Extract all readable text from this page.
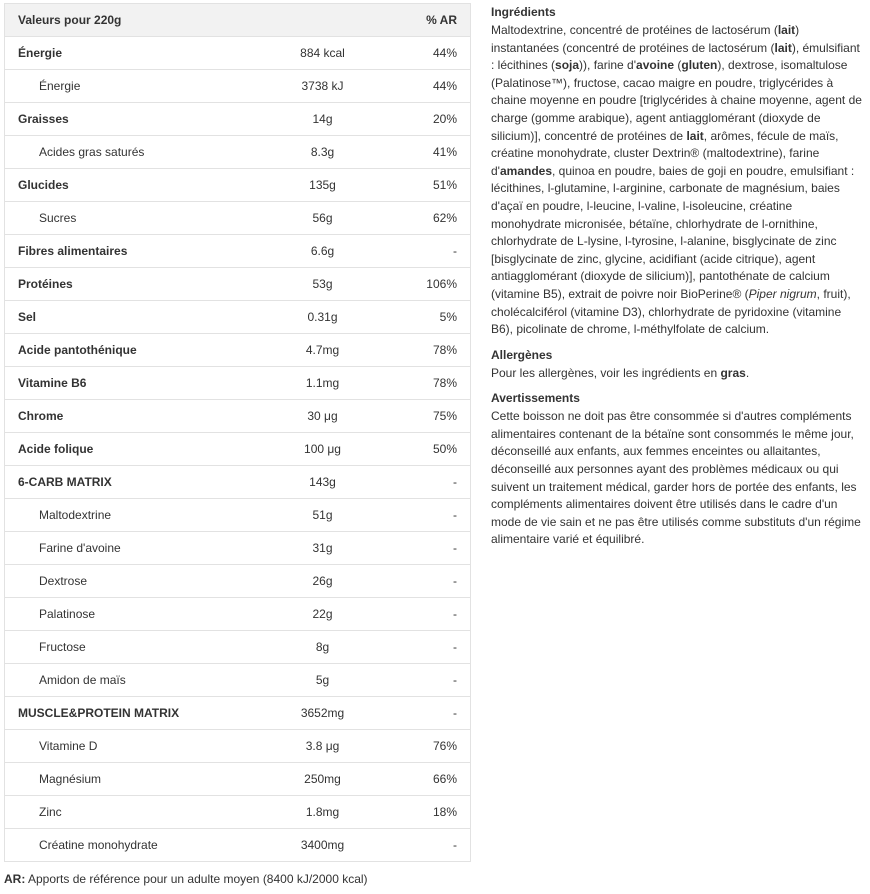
Valeurs pour 220g		% AR
Énergie	884 kcal	44%
Énergie	3738 kJ	44%
Graisses	14g	20%
Acides gras saturés	8.3g	41%
Glucides	135g	51%
Sucres	56g	62%
Fibres alimentaires	6.6g	-
Protéines	53g	106%
Sel	0.31g	5%
Acide pantothénique	4.7mg	78%
Vitamine B6	1.1mg	78%
Chrome	30 μg	75%
Acide folique	100 μg	50%
6-CARB MATRIX	143g	-
Maltodextrine	51g	-
Farine d'avoine	31g	-
Dextrose	26g	-
Palatinose	22g	-
Fructose	8g	-
Amidon de maïs	5g	-
MUSCLE&PROTEIN MATRIX	3652mg	-
Vitamine D	3.8 μg	76%
Magnésium	250mg	66%
Zinc	1.8mg	18%
Créatine monohydrate	3400mg	-
AR: Apports de référence pour un adulte moyen (8400 kJ/2000 kcal)
Ingrédients

Maltodextrine, concentré de protéines de lactosérum (lait) instantanées (concentré de protéines de lactosérum (lait), émulsifiant : lécithines (soja)), farine d'avoine (gluten), dextrose, isomaltulose (Palatinose™), fructose, cacao maigre en poudre, triglycérides à chaine moyenne en poudre [triglycérides à chaine moyenne, agent de charge (gomme arabique), agent antiagglomérant (dioxyde de silicium)], concentré de protéines de lait, arômes, fécule de maïs, créatine monohydrate, cluster Dextrin® (maltodextrine), farine d'amandes, quinoa en poudre, baies de goji en poudre, emulsifiant : lécithines, l-glutamine, l-arginine, carbonate de magnésium, baies d'açaï en poudre, l-leucine, l-valine, l-isoleucine, créatine monohydrate micronisée, bétaïne, chlorhydrate de l-ornithine, chlorhydrate de L-lysine, l-tyrosine, l-alanine, bisglycinate de zinc [bisglycinate de zinc, glycine, acidifiant (acide citrique), agent antiagglomérant (dioxyde de silicium)], pantothénate de calcium (vitamine B5), extrait de poivre noir BioPerine® (Piper nigrum, fruit), cholécalciférol (vitamine D3), chlorhydrate de pyridoxine (vitamine B6), picolinate de chrome, l-méthylfolate de calcium.

Allergènes

Pour les allergènes, voir les ingrédients en gras.

Avertissements

Cette boisson ne doit pas être consommée si d'autres compléments alimentaires contenant de la bétaïne sont consommés le même jour, déconseillé aux enfants, aux femmes enceintes ou allaitantes, déconseillé aux personnes ayant des problèmes médicaux ou qui suivent un traitement médical, garder hors de portée des enfants, les compléments alimentaires doivent être utilisés dans le cadre d'un mode de vie sain et ne pas être utilisés comme substituts d'un régime alimentaire varié et équilibré.
